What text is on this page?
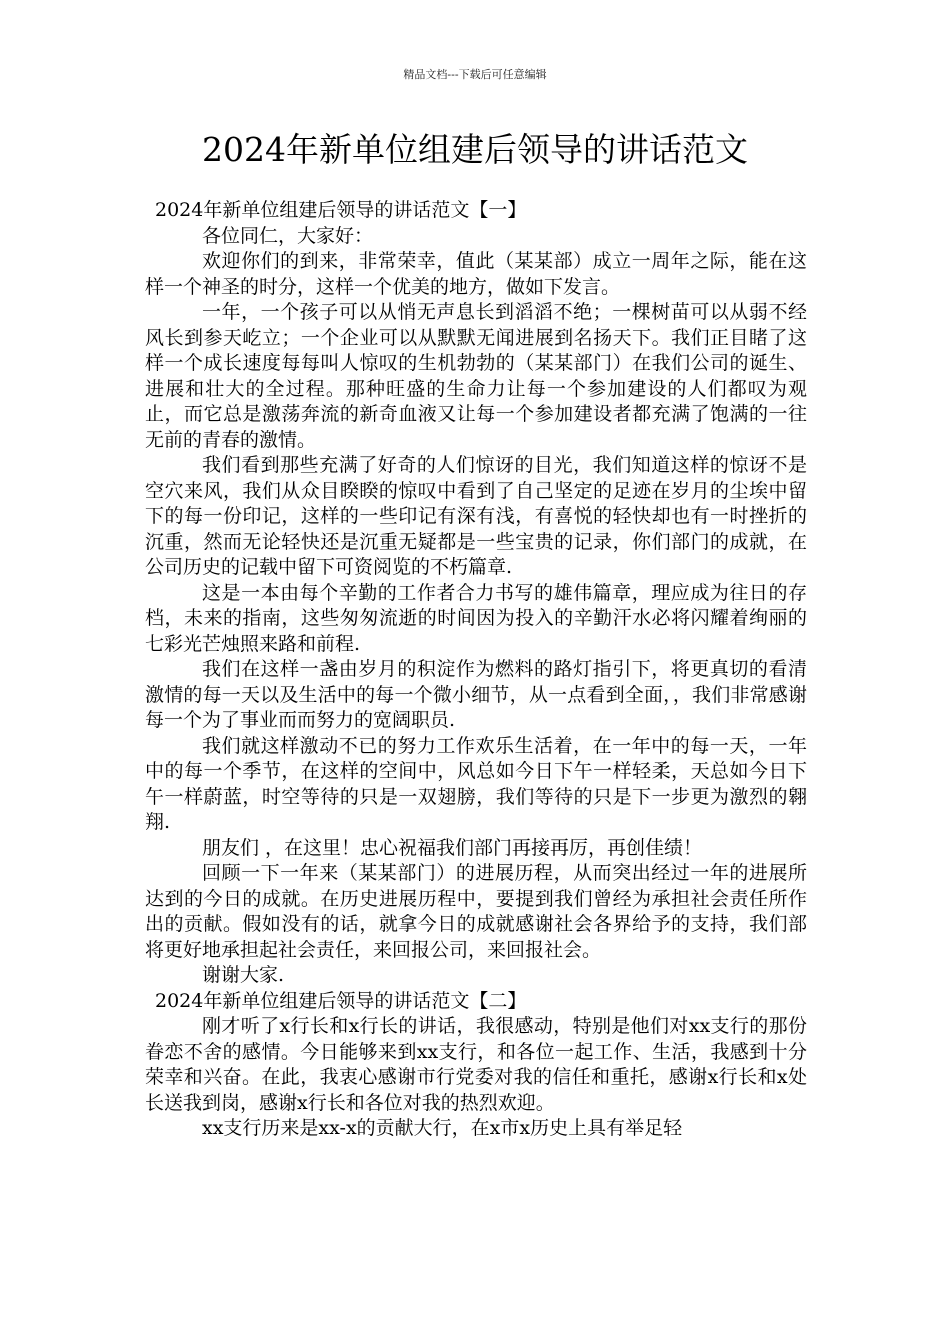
精品文档---下载后可任意编辑
2024年新单位组建后领导的讲话范文
2024年新单位组建后领导的讲话范文【一】

各位同仁，大家好：

欢迎你们的到来，非常荣幸，值此（某某部）成立一周年之际，能在这样一个神圣的时分，这样一个优美的地方，做如下发言。

一年，一个孩子可以从悄无声息长到滔滔不绝；一棵树苗可以从弱不经风长到参天屹立；一个企业可以从默默无闻进展到名扬天下。我们正目睹了这样一个成长速度每每叫人惊叹的生机勃勃的（某某部门）在我们公司的诞生、进展和壮大的全过程。那种旺盛的生命力让每一个参加建设的人们都叹为观止，而它总是激荡奔流的新奇血液又让每一个参加建设者都充满了饱满的一往无前的青春的激情。

我们看到那些充满了好奇的人们惊讶的目光，我们知道这样的惊讶不是空穴来风，我们从众目睽睽的惊叹中看到了自己坚定的足迹在岁月的尘埃中留下的每一份印记，这样的一些印记有深有浅，有喜悦的轻快却也有一时挫折的沉重，然而无论轻快还是沉重无疑都是一些宝贵的记录，你们部门的成就，在公司历史的记载中留下可资阅览的不朽篇章.

这是一本由每个辛勤的工作者合力书写的雄伟篇章，理应成为往日的存档，未来的指南，这些匆匆流逝的时间因为投入的辛勤汗水必将闪耀着绚丽的七彩光芒烛照来路和前程.

我们在这样一盏由岁月的积淀作为燃料的路灯指引下，将更真切的看清激情的每一天以及生活中的每一个微小细节，从一点看到全面，，我们非常感谢每一个为了事业而而努力的宽阔职员.

我们就这样激动不已的努力工作欢乐生活着，在一年中的每一天，一年中的每一个季节，在这样的空间中，风总如今日下午一样轻柔，天总如今日下午一样蔚蓝，时空等待的只是一双翅膀，我们等待的只是下一步更为激烈的翱翔.

朋友们 ，在这里！忠心祝福我们部门再接再厉，再创佳绩！

回顾一下一年来（某某部门）的进展历程，从而突出经过一年的进展所达到的今日的成就。在历史进展历程中，要提到我们曾经为承担社会责任所作出的贡献。假如没有的话，就拿今日的成就感谢社会各界给予的支持，我们部将更好地承担起社会责任，来回报公司，来回报社会。

谢谢大家.

2024年新单位组建后领导的讲话范文【二】

刚才听了x行长和x行长的讲话，我很感动，特别是他们对xx支行的那份眷恋不舍的感情。今日能够来到xx支行，和各位一起工作、生活，我感到十分荣幸和兴奋。在此，我衷心感谢市行党委对我的信任和重托，感谢x行长和x处长送我到岗，感谢x行长和各位对我的热烈欢迎。

xx支行历来是xx-x的贡献大行，在x市x历史上具有举足轻
